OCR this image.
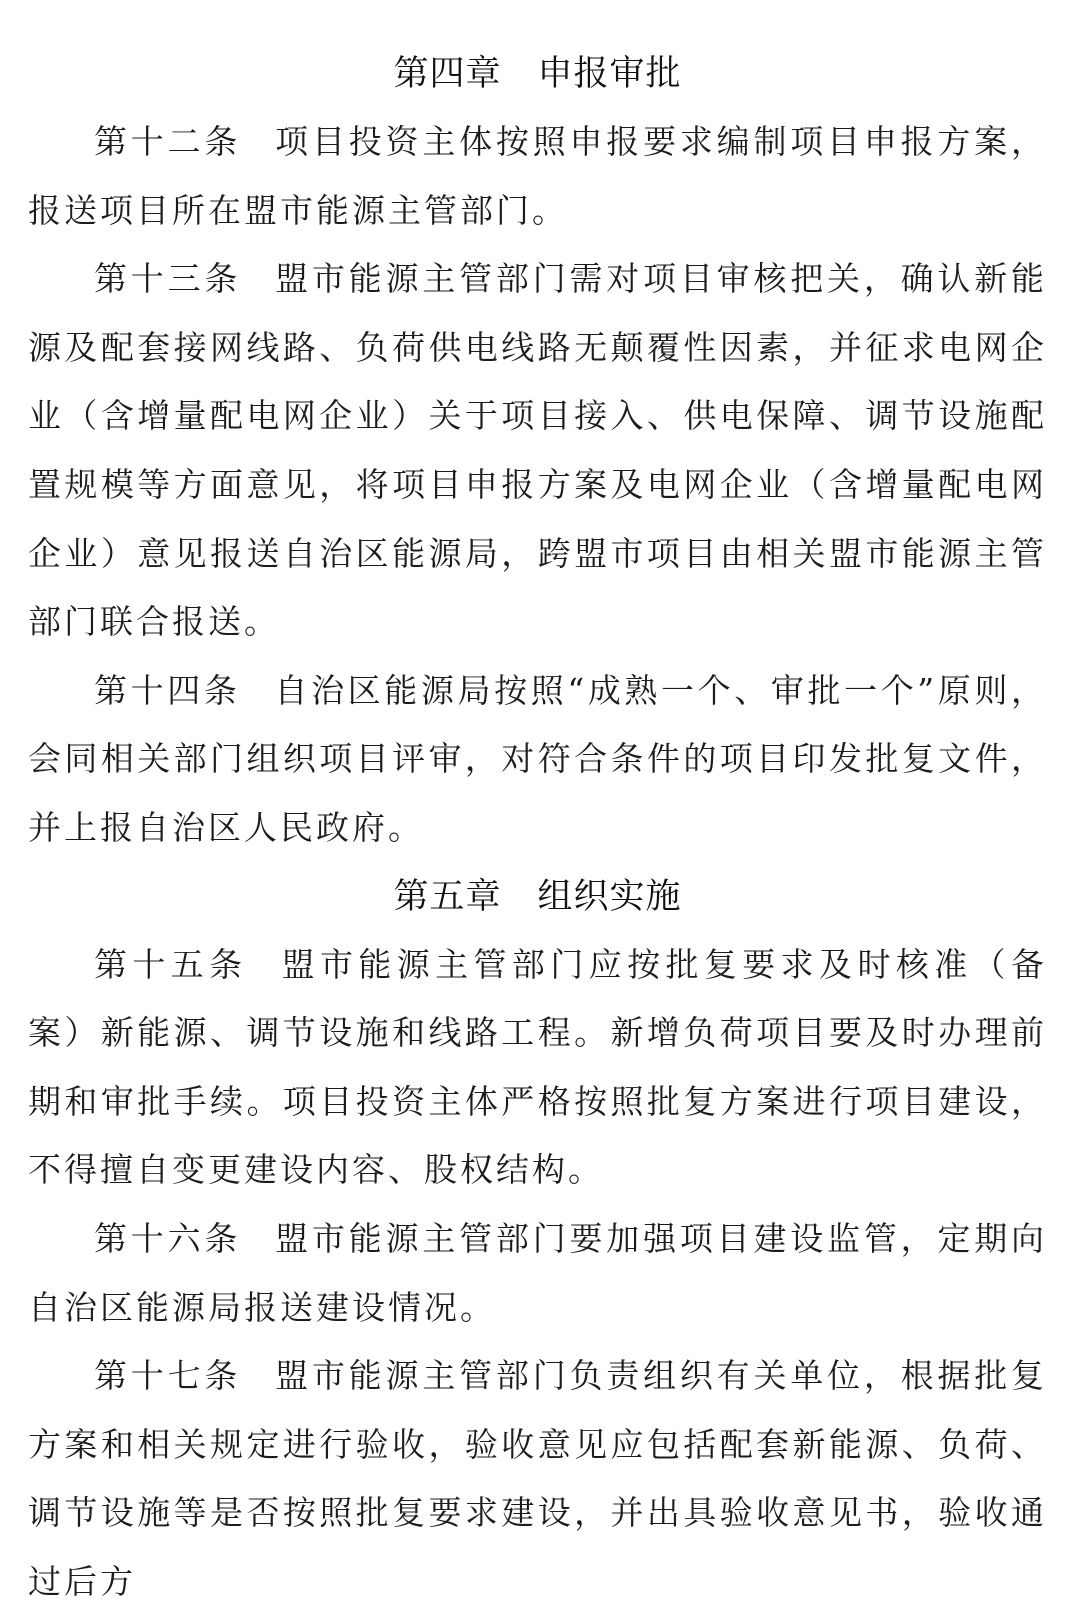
第四章 申报审批

第十二条 项目投资主体按照申报要求编制项目申报方案，报送项目所在盟市能源主管部门。

第十三条 盟市能源主管部门需对项目审核把关，确认新能源及配套接网线路、负荷供电线路无颠覆性因素，并征求电网企业（含增量配电网企业）关于项目接入、供电保障、调节设施配置规模等方面意见，将项目申报方案及电网企业（含增量配电网企业）意见报送自治区能源局，跨盟市项目由相关盟市能源主管部门联合报送。

第十四条 自治区能源局按照“成熟一个、审批一个”原则，会同相关部门组织项目评审，对符合条件的项目印发批复文件，并上报自治区人民政府。

第五章 组织实施

第十五条 盟市能源主管部门应按批复要求及时核准（备案）新能源、调节设施和线路工程。新增负荷项目要及时办理前期和审批手续。项目投资主体严格按照批复方案进行项目建设，不得擅自变更建设内容、股权结构。

第十六条 盟市能源主管部门要加强项目建设监管，定期向自治区能源局报送建设情况。

第十七条 盟市能源主管部门负责组织有关单位，根据批复方案和相关规定进行验收，验收意见应包括配套新能源、负荷、调节设施等是否按照批复要求建设，并出具验收意见书，验收通过后方
